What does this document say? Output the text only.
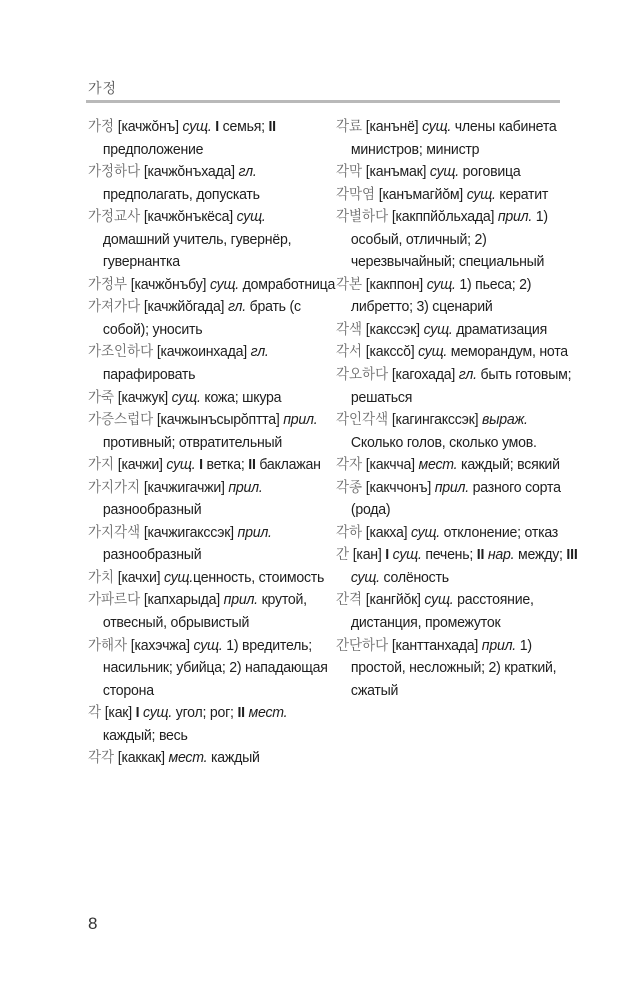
가정
가정 [качжŏнъ] сущ. I семья; II предположение
가정하다 [качжŏнъхада] гл. предполагать, допускать
가정교사 [качжŏнъкёса] сущ. домашний учитель, гувернёр, гувернантка
가정부 [качжŏнъбу] сущ. домработница
가져가다 [качжйŏгада] гл. брать (с собой); уносить
가조인하다 [качжоинхада] гл. парафировать
가죽 [качжук] сущ. кожа; шкура
가증스럽다 [качжынъсырŏптта] прил. противный; отвратительный
가지 [качжи] сущ. I ветка; II баклажан
가지가지 [качжигачжи] прил. разнообразный
가지각색 [качжигакссэк] прил. разнообразный
가치 [качхи] сущ.ценность, стоимость
가파르다 [капхарыда] прил. крутой, отвесный, обрывистый
가해자 [кахэчжа] сущ. 1) вредитель; насильник; убийца; 2) нападающая сторона
각 [как] I сущ. угол; рог; II мест. каждый; весь
각각 [каккак] мест. каждый
각료 [канънё] сущ. члены кабинета министров; министр
각막 [канъмак] сущ. роговица
각막염 [канъмагйŏм] сущ. кератит
각별하다 [какппйŏльхада] прил. 1) особый, отличный; 2) черезвычайный; специальный
각본 [какппон] сущ. 1) пьеса; 2) либретто; 3) сценарий
각색 [какссэк] сущ. драматизация
각서 [какссŏ] сущ. меморандум, нота
각오하다 [кагохада] гл. быть готовым; решаться
각인각색 [кагингакссэк] выраж. Сколько голов, сколько умов.
각자 [какчча] мест. каждый; всякий
각종 [какччонъ] прил. разного сорта (рода)
각하 [какха] сущ. отклонение; отказ
간 [кан] I сущ. печень; II нар. между; III сущ. солёность
간격 [кангйŏк] сущ. расстояние, дистанция, промежуток
간단하다 [канттанхада] прил. 1) простой, несложный; 2) краткий, сжатый
8
